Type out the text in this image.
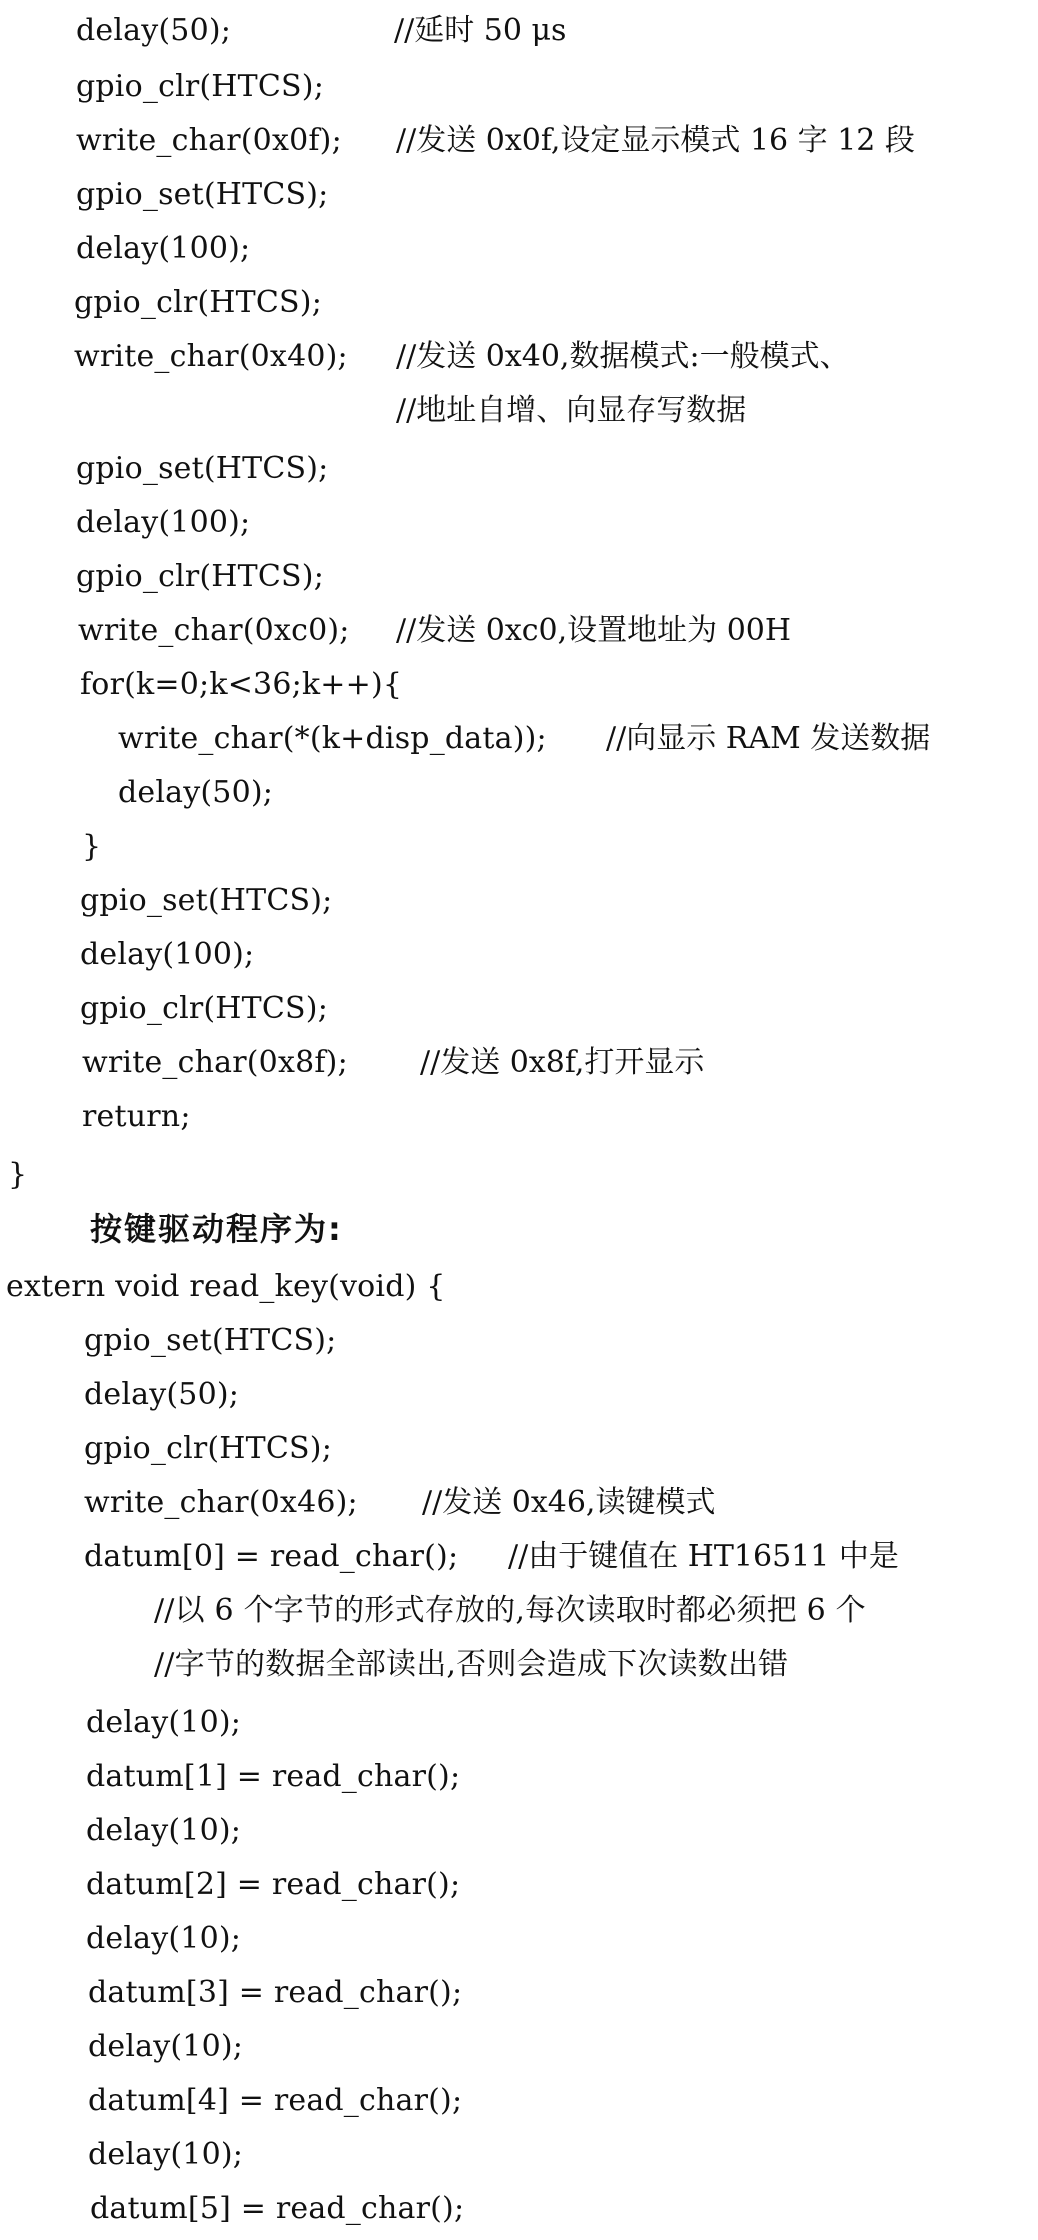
delay(50);	//延时 50 μs
gpio_clr(HTCS);
write_char(0x0f); //发送 0x0f,设定显示模式 16 字 12 段
gpio_set(HTCS);
delay(100);
gpio_clr(HTCS);
write_char(0x40); //发送 0x40,数据模式:一般模式、
//地址自增、向显存写数据
gpio_set(HTCS);
delay(100);
gpio_clr(HTCS);
write_char(0xc0); //发送 0xc0,设置地址为 00H
for(k=0;k<36;k++){
write_char(*(k+disp_data)); //向显示 RAM 发送数据
delay(50);
}
gpio_set(HTCS);
delay(100);
gpio_clr(HTCS);
write_char(0x8f); //发送 0x8f,打开显示
return;
}
按键驱动程序为:
extern void read_key(void) {
gpio_set(HTCS);
delay(50);
gpio_clr(HTCS);
write_char(0x46); //发送 0x46,读键模式
datum[0] = read_char(); //由于键值在 HT16511 中是
//以 6 个字节的形式存放的,每次读取时都必须把 6 个
//字节的数据全部读出,否则会造成下次读数出错
delay(10);
datum[1] = read_char();
delay(10);
datum[2] = read_char();
delay(10);
datum[3] = read_char();
delay(10);
datum[4] = read_char();
delay(10);
datum[5] = read_char();
